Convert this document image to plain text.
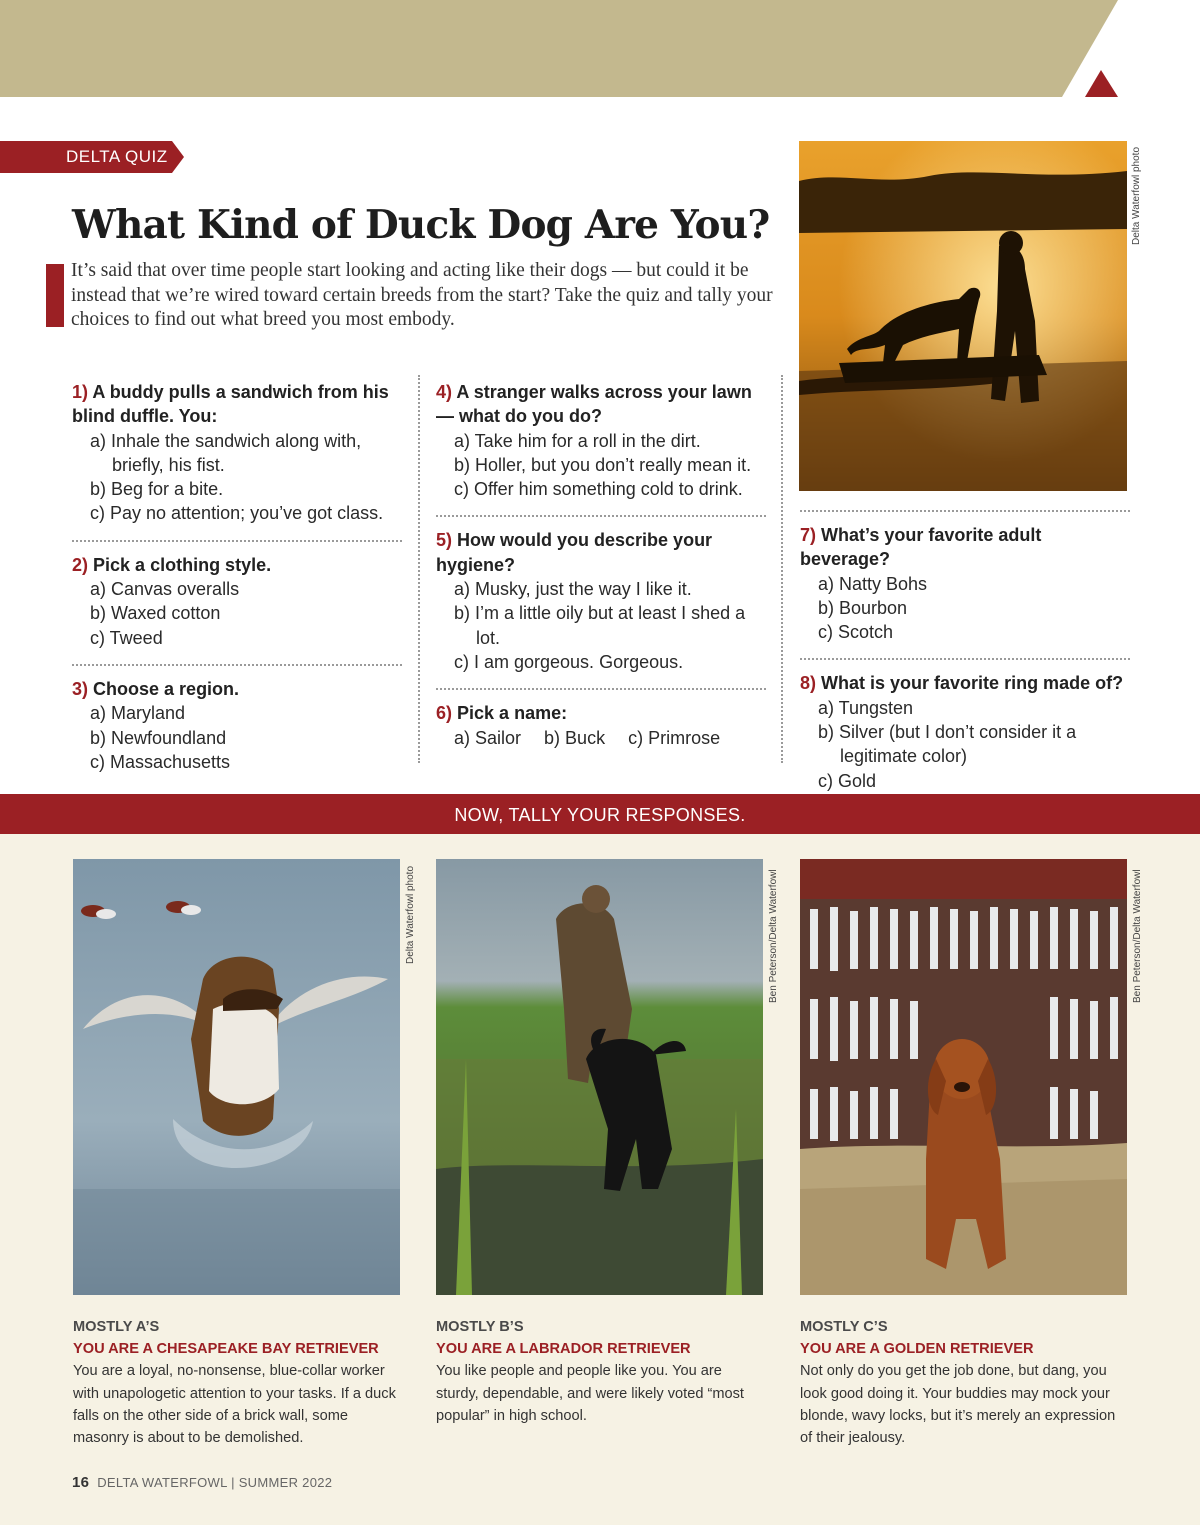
DELTA QUIZ
What Kind of Duck Dog Are You?

It’s said that over time people start looking and acting like their dogs — but could it be instead that we’re wired toward certain breeds from the start? Take the quiz and tally your choices to find out what breed you most embody.

1) A buddy pulls a sandwich from his blind duffle. You:
a) Inhale the sandwich along with, briefly, his fist.
b) Beg for a bite.
c) Pay no attention; you’ve got class.
2) Pick a clothing style.
a) Canvas overalls
b) Waxed cotton
c) Tweed
3) Choose a region.
a) Maryland
b) Newfoundland
c) Massachusetts
4) A stranger walks across your lawn — what do you do?
a) Take him for a roll in the dirt.
b) Holler, but you don’t really mean it.
c) Offer him something cold to drink.
5) How would you describe your hygiene?
a) Musky, just the way I like it.
b) I’m a little oily but at least I shed a lot.
c) I am gorgeous. Gorgeous.
6) Pick a name:
a) Sailor b) Buck c) Primrose
Delta Waterfowl photo
7) What’s your favorite adult beverage?
a) Natty Bohs
b) Bourbon
c) Scotch
8) What is your favorite ring made of?
a) Tungsten
b) Silver (but I don’t consider it a legitimate color)
c) Gold
NOW, TALLY YOUR RESPONSES.
Delta Waterfowl photo	Ben Peterson/Delta Waterfowl	Ben Peterson/Delta Waterfowl
MOSTLY A’S
YOU ARE A CHESAPEAKE BAY RETRIEVER
You are a loyal, no-nonsense, blue-collar worker with unapologetic attention to your tasks. If a duck falls on the other side of a brick wall, some masonry is about to be demolished.
MOSTLY B’S
YOU ARE A LABRADOR RETRIEVER
You like people and people like you. You are sturdy, dependable, and were likely voted “most popular” in high school.
MOSTLY C’S
YOU ARE A GOLDEN RETRIEVER
Not only do you get the job done, but dang, you look good doing it. Your buddies may mock your blonde, wavy locks, but it’s merely an expression of their jealousy.
16 DELTA WATERFOWL | SUMMER 2022
